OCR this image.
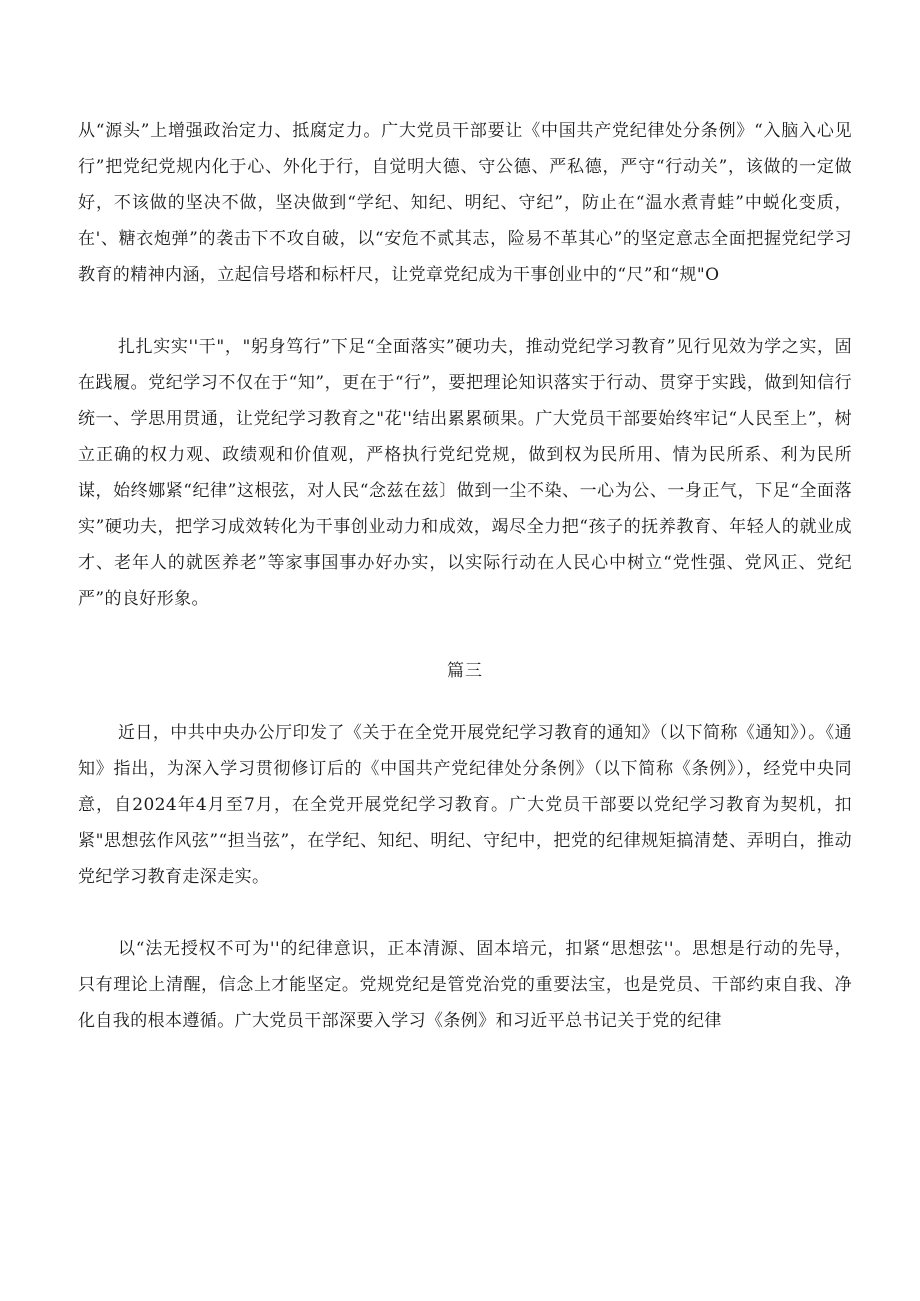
从“源头”上增强政治定力、抵腐定力。广大党员干部要让《中国共产党纪律处分条例》“入脑入心见行”把党纪党规内化于心、外化于行，自觉明大德、守公德、严私德，严守“行动关”，该做的一定做好，不该做的坚决不做，坚决做到“学纪、知纪、明纪、守纪”，防止在“温水煮青蛙”中蜕化变质，在'、糖衣炮弹”的袭击下不攻自破，以“安危不贰其志，险易不革其心”的坚定意志全面把握党纪学习教育的精神内涵，立起信号塔和标杆尺，让党章党纪成为干事创业中的“尺”和“规"O

扎扎实实''干"，"躬身笃行”下足“全面落实”硬功夫，推动党纪学习教育”见行见效为学之实，固在践履。党纪学习不仅在于“知”，更在于“行”，要把理论知识落实于行动、贯穿于实践，做到知信行统一、学思用贯通，让党纪学习教育之"花''结出累累硕果。广大党员干部要始终牢记“人民至上”，树立正确的权力观、政绩观和价值观，严格执行党纪党规，做到权为民所用、情为民所系、利为民所谋，始终娜紧“纪律”这根弦，对人民“念兹在兹〕做到一尘不染、一心为公、一身正气，下足“全面落实”硬功夫，把学习成效转化为干事创业动力和成效，竭尽全力把“孩子的抚养教育、年轻人的就业成才、老年人的就医养老”等家事国事办好办实，以实际行动在人民心中树立“党性强、党风正、党纪严”的良好形象。

篇三

近日，中共中央办公厅印发了《关于在全党开展党纪学习教育的通知》（以下简称《通知》）。《通知》指出，为深入学习贯彻修订后的《中国共产党纪律处分条例》（以下简称《条例》），经党中央同意，自2024年4月至7月，在全党开展党纪学习教育。广大党员干部要以党纪学习教育为契机，扣紧"思想弦作风弦”“担当弦”，在学纪、知纪、明纪、守纪中，把党的纪律规矩搞清楚、弄明白，推动党纪学习教育走深走实。

以“法无授权不可为''的纪律意识，正本清源、固本培元，扣紧“思想弦''。思想是行动的先导，只有理论上清醒，信念上才能坚定。党规党纪是管党治党的重要法宝，也是党员、干部约束自我、净化自我的根本遵循。广大党员干部深要入学习《条例》和习近平总书记关于党的纪律
